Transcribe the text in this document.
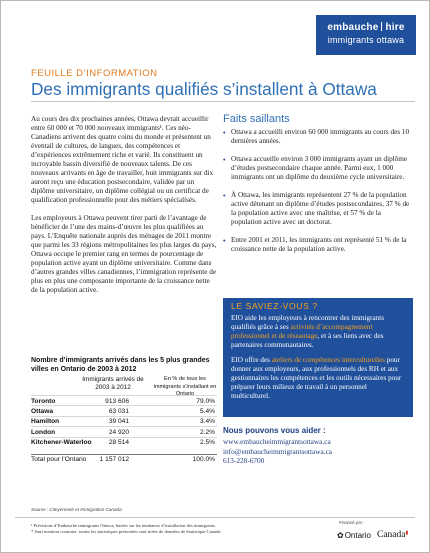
embauche hire
immigrants ottawa
FEUILLE D’INFORMATION
Des immigrants qualifiés s’installent à Ottawa

Au cours des dix prochaines années, Ottawa devrait accueillir entre 60 000 et 70 000 nouveaux immigrants¹. Ces néo-Canadiens arrivent des quatre coins du monde et présentent un éventail de cultures, de langues, des compétences et d’expériences extrêmement riche et varié. Ils constituent un incroyable bassin diversifié de nouveaux talents. De ces nouveaux arrivants en âge de travailler, huit immigrants sur dix auront reçu une éducation postsecondaire, validée par un diplôme universitaire, un diplôme collégial ou un certificat de qualification professionnelle pour des métiers spécialisés.

Les employeurs à Ottawa peuvent tirer parti de l’avantage de bénéficier de l’une des mains-d’œuvre les plus qualifiées au pays. L’Enquête nationale auprès des ménages de 2011 montre que parmi les 33 régions métropolitaines les plus larges du pays, Ottawa occupe le premier rang en termes de pourcentage de population active ayant un diplôme universitaire. Comme dans d’autres grandes villes canadiennes, l’immigration représente de plus en plus une composante importante de la croissance nette de la population active.

Nombre d’immigrants arrivés dans les 5 plus grandes villes en Ontario de 2003 à 2012
Immigrants arrivés de 2003 à 2012
En % de tous les immigrants s’installant en Ontario
Toronto	913 606	79.0%
Ottawa	63 031	5.4%
Hamilton	39 041	3.4%
London	24 920	2.2%
Kitchener-Waterloo	28 514	2.5%
Total pour l’Ontario	1 157 012	100.0%
Source : Citoyenneté et Immigration Canada
Faits saillants
• Ottawa a accueilli environ 60 000 immigrants au cours des 10 dernières années.
• Ottawa accueille environ 3 000 immigrants ayant un diplôme d’études postsecondaire chaque année. Parmi eux, 1 000 immigrants ont un diplôme du deuxième cycle universitaire.
• À Ottawa, les immigrants représentent 27 % de la population active détenant un diplôme d’études postsecondaires, 37 % de la population active avec une maîtrise, et 57 % de la population active avec un doctorat.
• Entre 2001 et 2011, les immigrants ont représenté 51 % de la croissance nette de la population active.
LE SAVIEZ-VOUS ?

EIO aide les employeurs à rencontrer des immigrants qualifiés grâce à ses activités d’accompagnement professionnel et de réseautage, et à ses liens avec des partenaires communautaires.

EIO offre des ateliers de compétences interculturelles pour donner aux employeurs, aux professionnels des RH et aux gestionnaires les compétences et les outils nécessaires pour préparer leurs milieux de travail à un personnel multiculturel.

Nous pouvons vous aider :
www.embaucheimmigrantsottawa.ca
info@embaucheimmigrantsottawa.ca
613-228-6700
¹ Prévisions d’Embauche immigrants Ottawa, basées sur les tendances d’installation des immigrants.
* Sauf mention contraire, toutes les statistiques présentées sont tirées de données de Statistique Canada.
Financé par :
✿Ontario Canada▮
